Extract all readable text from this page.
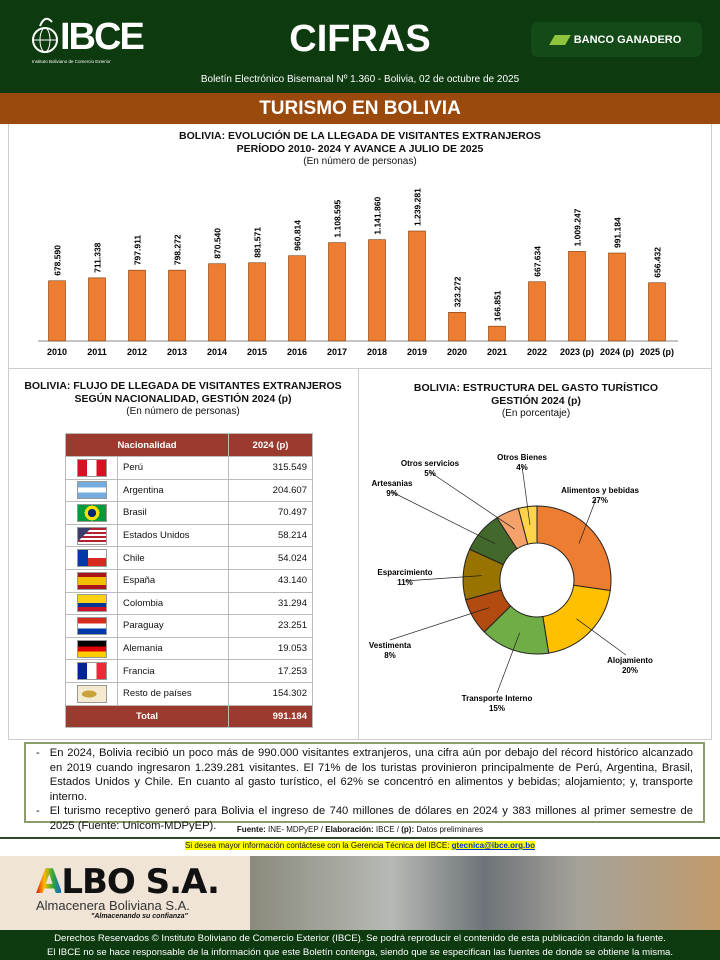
IBCE
Instituto Boliviano de Comercio Exterior
CIFRAS	BANCO GANADERO
Boletín Electrónico Bisemanal Nº 1.360 - Bolivia, 02 de octubre de 2025
TURISMO EN BOLIVIA
BOLIVIA: EVOLUCIÓN DE LA LLEGADA DE VISITANTES EXTRANJEROS
PERÍODO 2010- 2024 Y AVANCE A JULIO DE 2025
(En número de personas)
678.590
2010
711.338
2011
797.911
2012
798.272
2013
870.540
2014
881.571
2015
960.814
2016
1.108.595
2017
1.141.860
2018
1.239.281
2019
323.272
2020
166.851
2021
667.634
2022
1.009.247
2023 (p)
991.184
2024 (p)
656.432
2025 (p)
BOLIVIA: FLUJO DE LLEGADA DE VISITANTES EXTRANJEROS
SEGÚN NACIONALIDAD, GESTIÓN 2024 (p)
(En número de personas)
Nacionalidad		2024 (p)
	Perú	315.549
	Argentina	204.607
	Brasil	70.497
	Estados Unidos	58.214
	Chile	54.024
	España	43.140
	Colombia	31.294
	Paraguay	23.251
	Alemania	19.053
	Francia	17.253
	Resto de países	154.302
Total		991.184
BOLIVIA: ESTRUCTURA DEL GASTO TURÍSTICO
GESTIÓN 2024 (p)
(En porcentaje)
Alimentos y bebidas
27%
Alojamiento
20%
Transporte Interno
15%
Vestimenta
8%
Esparcimiento
11%
Artesanias
9%
Otros servicios
5%
Otros Bienes
4%
- En 2024, Bolivia recibió un poco más de 990.000 visitantes extranjeros, una cifra aún por debajo del récord histórico alcanzado en 2019 cuando ingresaron 1.239.281 visitantes. El 71% de los turistas provinieron principalmente de Perú, Argentina, Brasil, Estados Unidos y Chile. En cuanto al gasto turístico, el 62% se concentró en alimentos y bebidas; alojamiento; y, transporte interno.
- El turismo receptivo generó para Bolivia el ingreso de 740 millones de dólares en 2024 y 383 millones al primer semestre de 2025 (Fuente: Unicom-MDPyEP).	Fuente: INE- MDPyEP / Elaboración: IBCE / (p): Datos preliminares
Si desea mayor información contáctese con la Gerencia Técnica del IBCE: gtecnica@ibce.org.bo
ALBO S.A.
Almacenera Boliviana S.A.
"Almacenando su confianza"
Derechos Reservados © Instituto Boliviano de Comercio Exterior (IBCE). Se podrá reproducir el contenido de esta publicación citando la fuente.
El IBCE no se hace responsable de la información que este Boletín contenga, siendo que se especifican las fuentes de donde se obtiene la misma.
